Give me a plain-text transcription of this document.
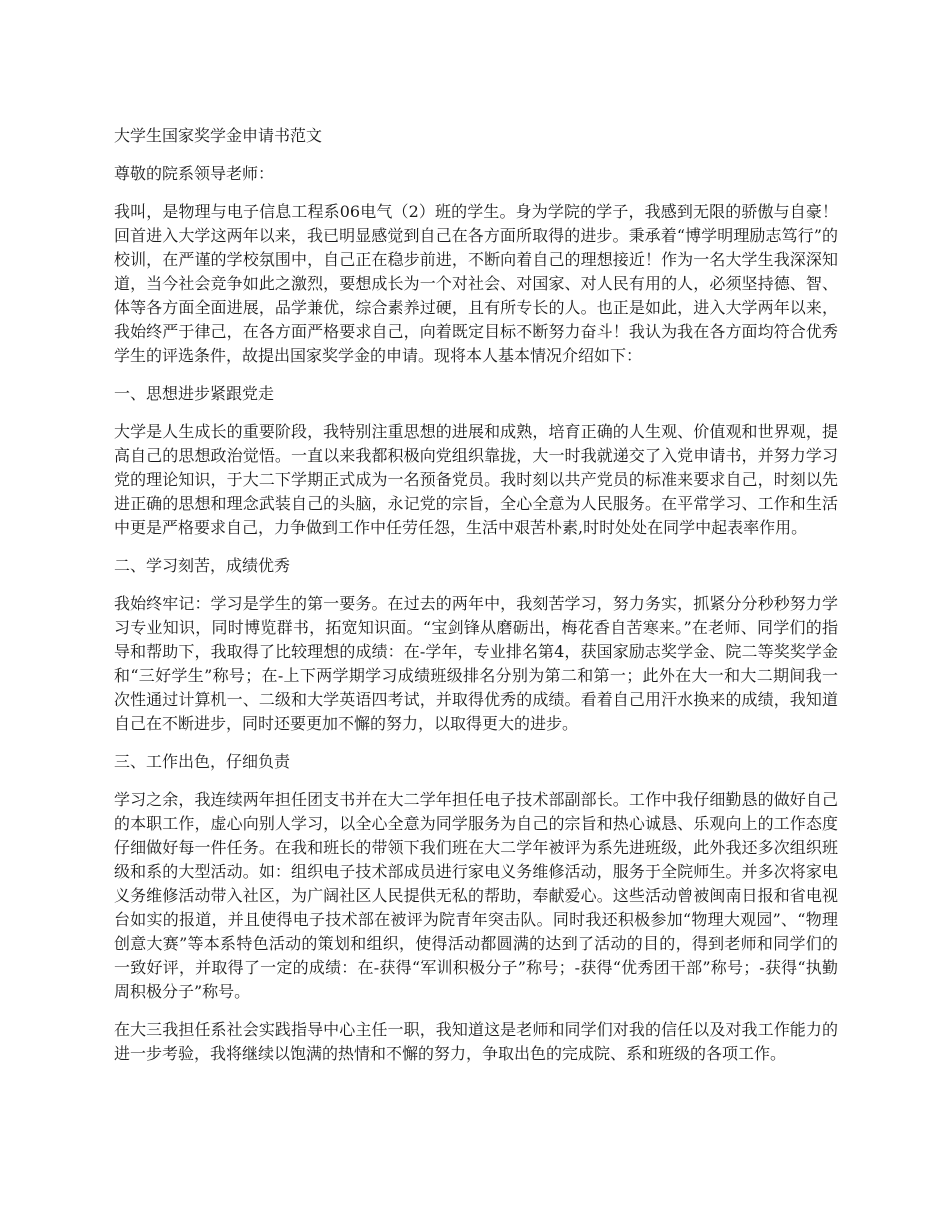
大学生国家奖学金申请书范文
尊敬的院系领导老师：
我叫，是物理与电子信息工程系06电气（2）班的学生。身为学院的学子，我感到无限的骄傲与自豪！回首进入大学这两年以来，我已明显感觉到自己在各方面所取得的进步。秉承着“博学明理励志笃行”的校训，在严谨的学校氛围中，自己正在稳步前进，不断向着自己的理想接近！作为一名大学生我深深知道，当今社会竞争如此之激烈，要想成长为一个对社会、对国家、对人民有用的人，必须坚持德、智、体等各方面全面进展，品学兼优，综合素养过硬，且有所专长的人。也正是如此，进入大学两年以来，我始终严于律己，在各方面严格要求自己，向着既定目标不断努力奋斗！我认为我在各方面均符合优秀学生的评选条件，故提出国家奖学金的申请。现将本人基本情况介绍如下：
一、思想进步紧跟党走
大学是人生成长的重要阶段，我特别注重思想的进展和成熟，培育正确的人生观、价值观和世界观，提高自己的思想政治觉悟。一直以来我都积极向党组织靠拢，大一时我就递交了入党申请书，并努力学习党的理论知识，于大二下学期正式成为一名预备党员。我时刻以共产党员的标准来要求自己，时刻以先进正确的思想和理念武装自己的头脑，永记党的宗旨，全心全意为人民服务。在平常学习、工作和生活中更是严格要求自己，力争做到工作中任劳任怨，生活中艰苦朴素,时时处处在同学中起表率作用。
二、学习刻苦，成绩优秀
我始终牢记：学习是学生的第一要务。在过去的两年中，我刻苦学习，努力务实，抓紧分分秒秒努力学习专业知识，同时博览群书，拓宽知识面。“宝剑锋从磨砺出，梅花香自苦寒来。”在老师、同学们的指导和帮助下，我取得了比较理想的成绩：在-学年，专业排名第4，获国家励志奖学金、院二等奖奖学金和“三好学生”称号；在-上下两学期学习成绩班级排名分别为第二和第一；此外在大一和大二期间我一次性通过计算机一、二级和大学英语四考试，并取得优秀的成绩。看着自己用汗水换来的成绩，我知道自己在不断进步，同时还要更加不懈的努力，以取得更大的进步。
三、工作出色，仔细负责
学习之余，我连续两年担任团支书并在大二学年担任电子技术部副部长。工作中我仔细勤恳的做好自己的本职工作，虚心向别人学习，以全心全意为同学服务为自己的宗旨和热心诚恳、乐观向上的工作态度仔细做好每一件任务。在我和班长的带领下我们班在大二学年被评为系先进班级，此外我还多次组织班级和系的大型活动。如：组织电子技术部成员进行家电义务维修活动，服务于全院师生。并多次将家电义务维修活动带入社区，为广阔社区人民提供无私的帮助，奉献爱心。这些活动曾被闽南日报和省电视台如实的报道，并且使得电子技术部在被评为院青年突击队。同时我还积极参加“物理大观园”、“物理创意大赛”等本系特色活动的策划和组织，使得活动都圆满的达到了活动的目的，得到老师和同学们的一致好评，并取得了一定的成绩：在-获得“军训积极分子”称号；-获得“优秀团干部”称号；-获得“执勤周积极分子”称号。
在大三我担任系社会实践指导中心主任一职，我知道这是老师和同学们对我的信任以及对我工作能力的进一步考验，我将继续以饱满的热情和不懈的努力，争取出色的完成院、系和班级的各项工作。
